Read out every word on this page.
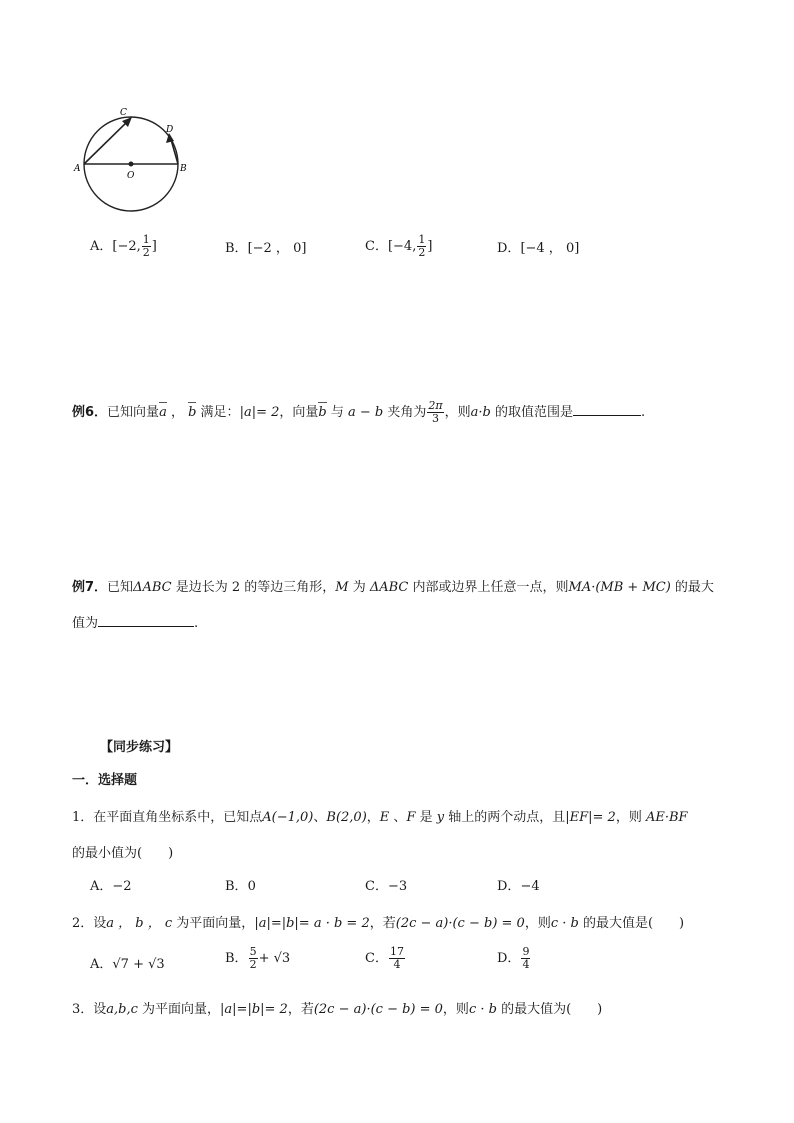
A	B
C
D
O
A．[−2, $\frac{1}{2}$ ]	B．[−2 ， 0]	C．[−4, $\frac{1}{2}$ ]	D．[−4 ， 0]
例6．已知向量a ， b 满足：|a|= 2，向量b 与 a − b 夹角为 $\frac{2\pi}{3}$ ，则a·b 的取值范围是	.
例7．已知ΔABC 是边长为 2 的等边三角形，M 为 ΔABC 内部或边界上任意一点，则MA·(MB + MC) 的最大
值为	.
【同步练习】
一．选择题
1．在平面直角坐标系中，已知点A(−1,0)、B(2,0)，E 、F 是 y 轴上的两个动点，且|EF|= 2，则 AE·BF
的最小值为(　　)
A．−2	B．0	C．−3	D．−4
2．设a ， b ， c 为平面向量，|a|=|b|= a · b = 2，若(2c − a)·(c − b) = 0，则c · b 的最大值是(　　)
A．√7 + √3	B． $\frac{5}{2} + √3$	C． $\frac{17}{4}$	D． $\frac{9}{4}$
3．设a,b,c 为平面向量，|a|=|b|= 2，若(2c − a)·(c − b) = 0，则c · b 的最大值为(　　)
